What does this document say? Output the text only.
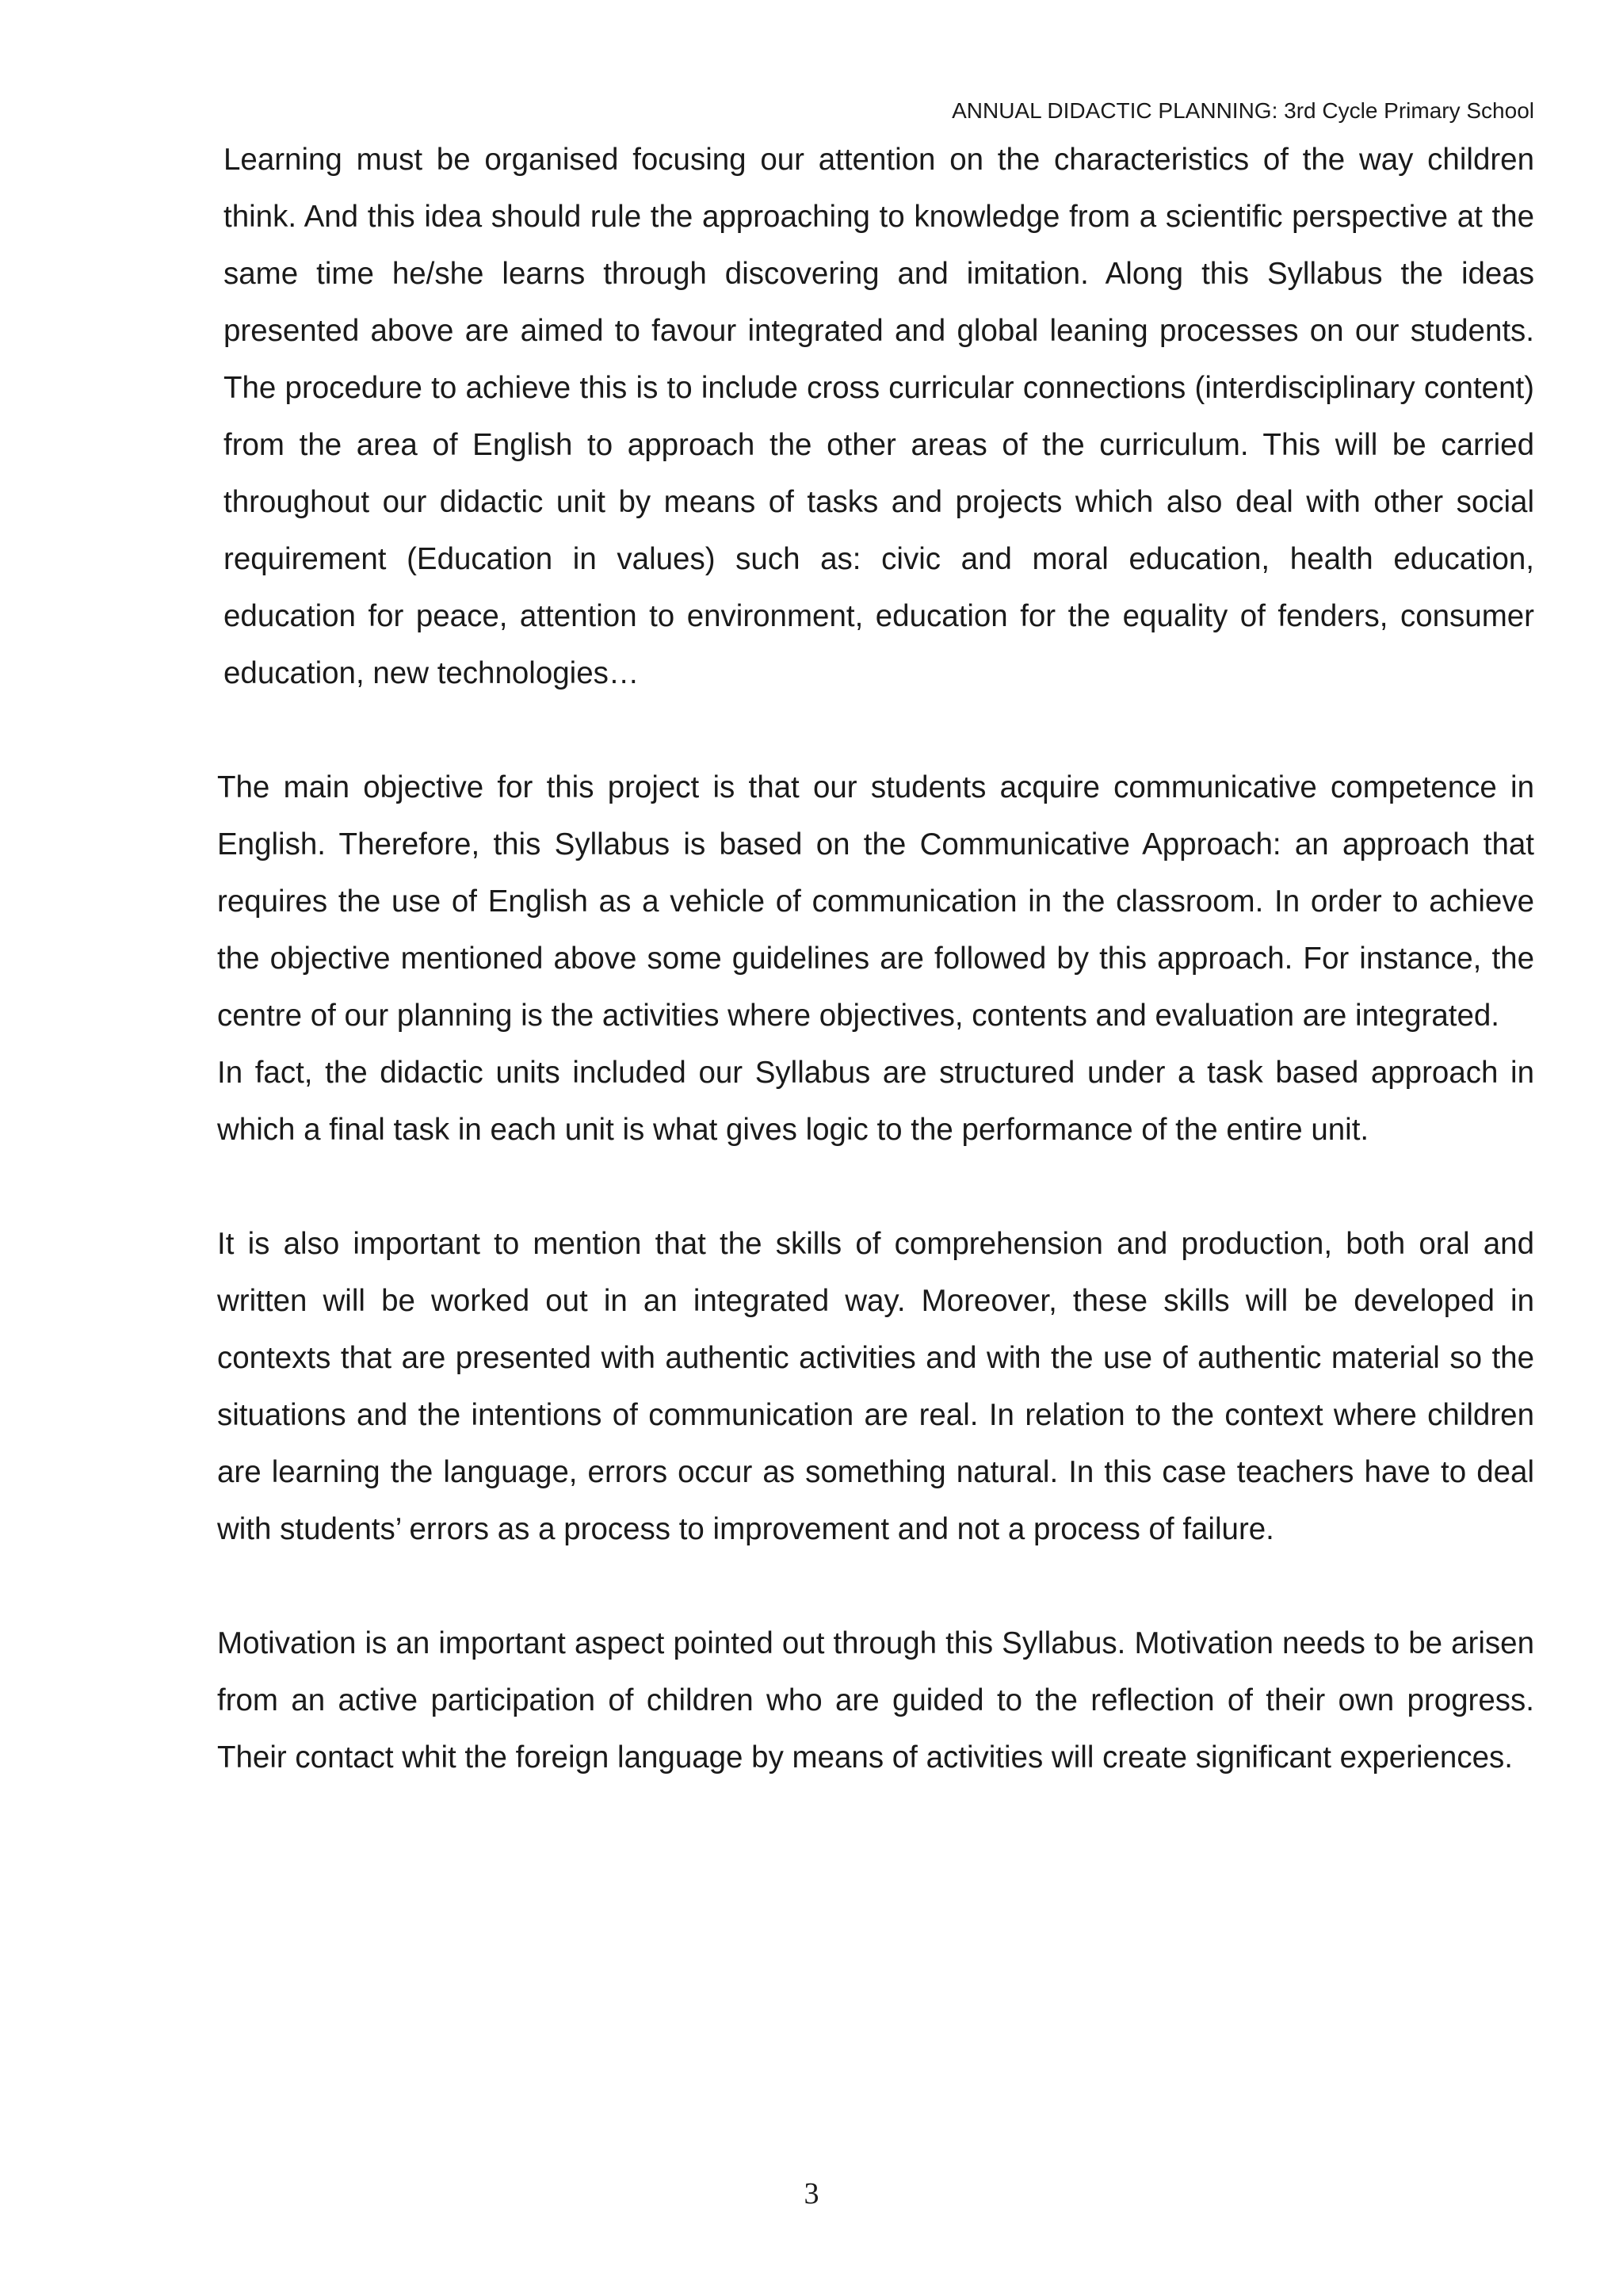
ANNUAL DIDACTIC PLANNING: 3rd Cycle Primary School

Learning must be organised focusing our attention on the characteristics of the way children think. And this idea should rule the approaching to knowledge from a scientific perspective at the same time he/she learns through discovering and imitation. Along this Syllabus the ideas presented above are aimed to favour integrated and global leaning processes on our students. The procedure to achieve this is to include cross curricular connections (interdisciplinary content) from the area of English to approach the other areas of the curriculum. This will be carried throughout our didactic unit by means of tasks and projects which also deal with other social requirement (Education in values) such as: civic and moral education, health education, education for peace, attention to environment, education for the equality of fenders, consumer education, new technologies…

The main objective for this project is that our students acquire communicative competence in English. Therefore, this Syllabus is based on the Communicative Approach: an approach that requires the use of English as a vehicle of communication in the classroom. In order to achieve the objective mentioned above some guidelines are followed by this approach. For instance, the centre of our planning is the activities where objectives, contents and evaluation are integrated.

In fact, the didactic units included our Syllabus are structured under a task based approach in which a final task in each unit is what gives logic to the performance of the entire unit.

It is also important to mention that the skills of comprehension and production, both oral and written will be worked out in an integrated way. Moreover, these skills will be developed in contexts that are presented with authentic activities and with the use of authentic material so the situations and the intentions of communication are real. In relation to the context where children are learning the language, errors occur as something natural. In this case teachers have to deal with students’ errors as a process to improvement and not a process of failure.

Motivation is an important aspect pointed out through this Syllabus. Motivation needs to be arisen from an active participation of children who are guided to the reflection of their own progress. Their contact whit the foreign language by means of activities will create significant experiences.

3
